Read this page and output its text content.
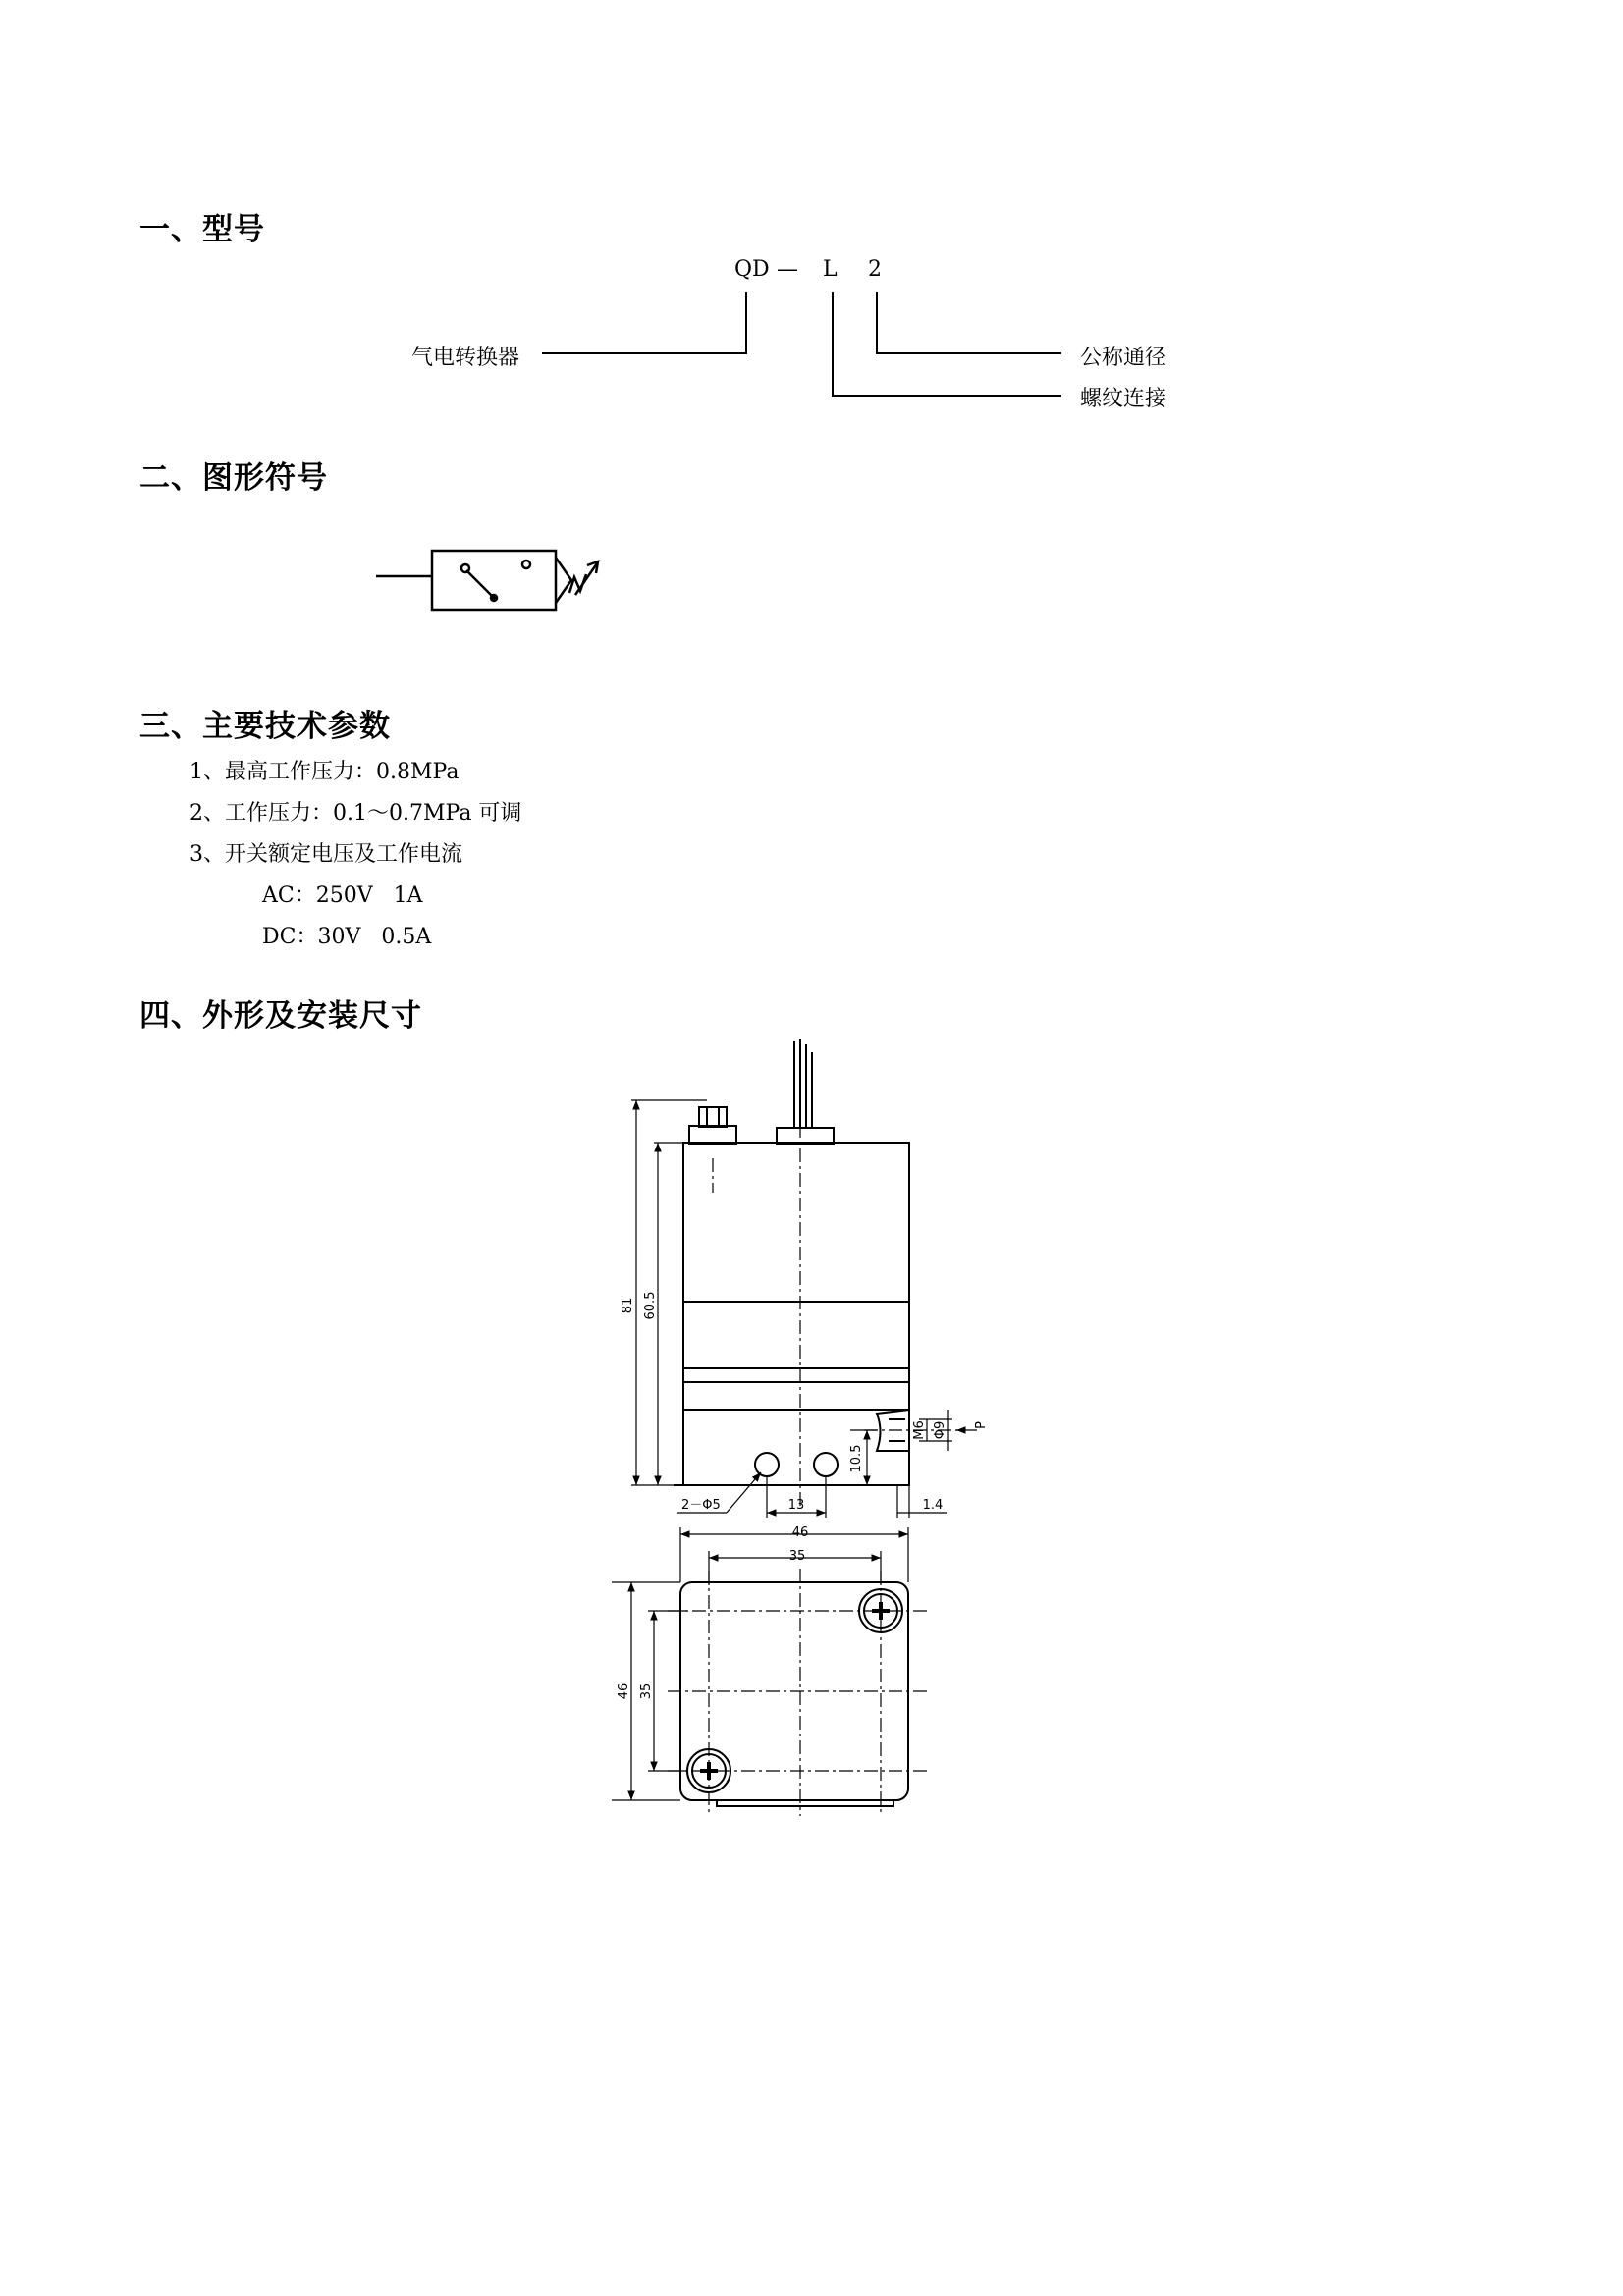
一、型号
QD — L 2
气电转换器	公称通径
螺纹连接
二、图形符号
三、主要技术参数
1、最高工作压力：0.8MPa
2、工作压力：0.1～0.7MPa 可调
3、开关额定电压及工作电流
AC：250V   1A
DC：30V   0.5A
四、外形及安装尺寸
81 60.5
10.5
M6 Φ9 P
2－Φ5	13	1.4
46
35
46 35
